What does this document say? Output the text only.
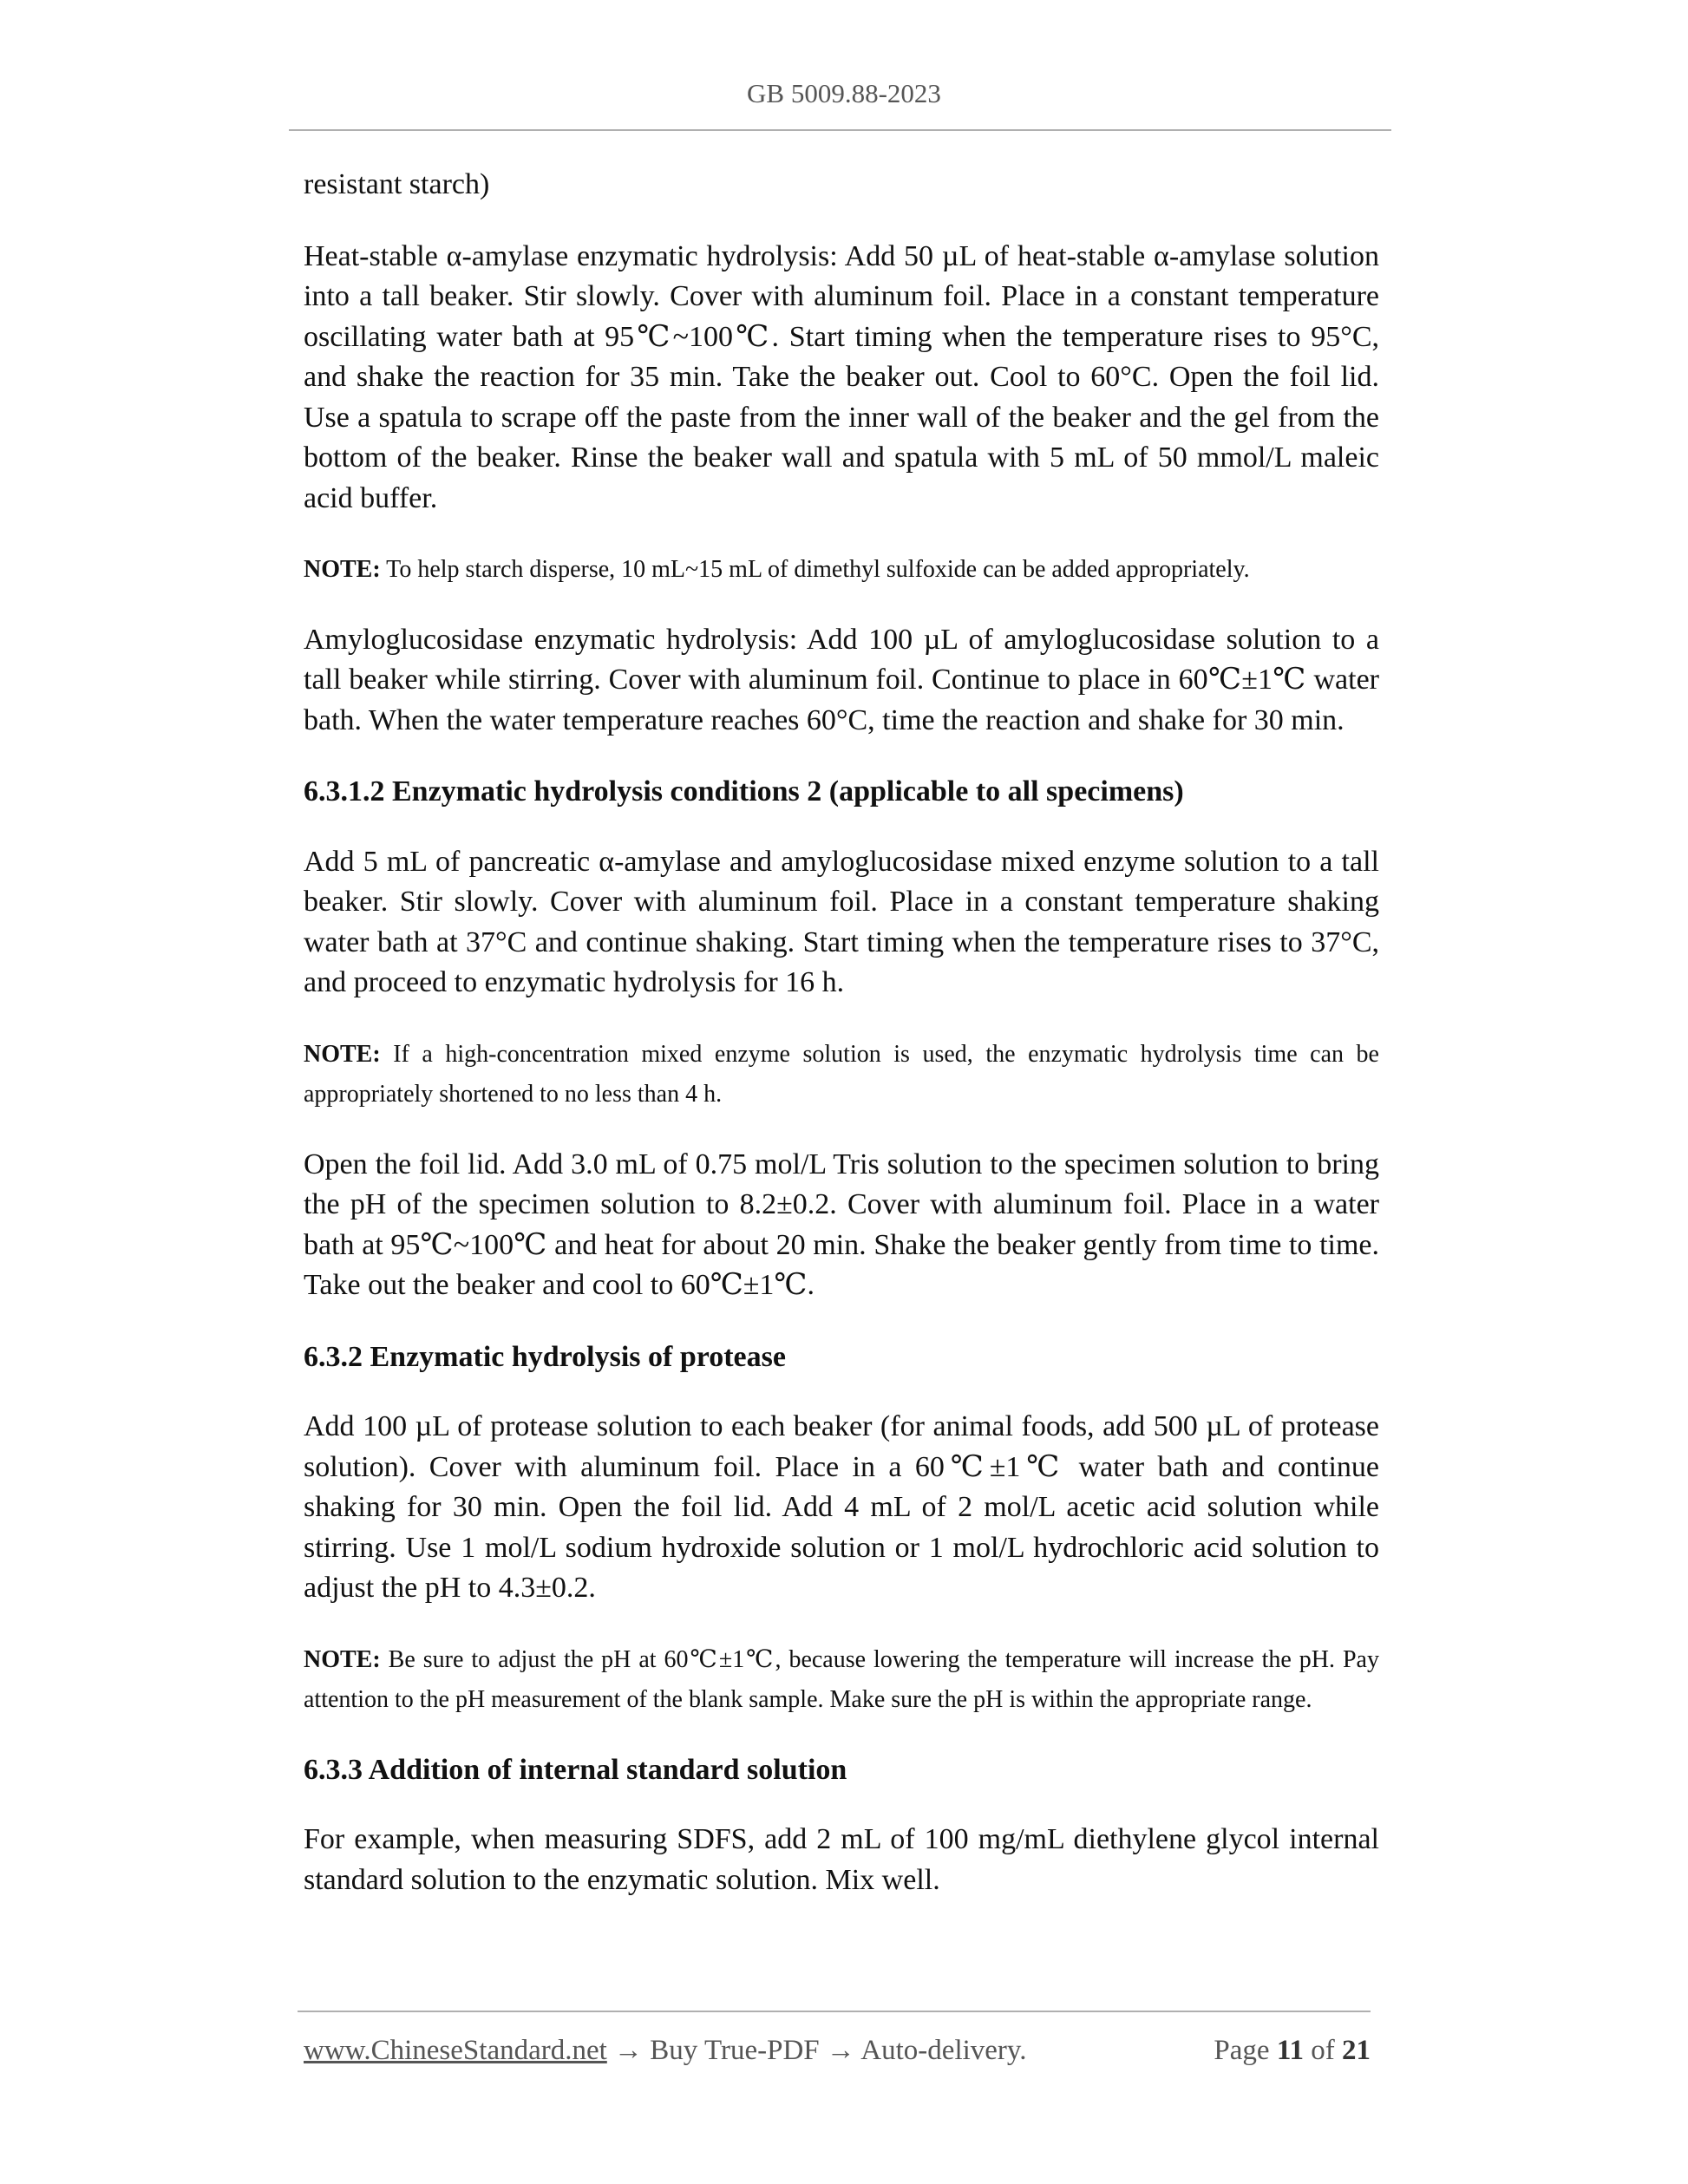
GB 5009.88-2023

resistant starch)

Heat-stable α-amylase enzymatic hydrolysis: Add 50 µL of heat-stable α-amylase solution into a tall beaker. Stir slowly. Cover with aluminum foil. Place in a constant temperature oscillating water bath at 95℃~100℃. Start timing when the temperature rises to 95°C, and shake the reaction for 35 min. Take the beaker out. Cool to 60°C. Open the foil lid. Use a spatula to scrape off the paste from the inner wall of the beaker and the gel from the bottom of the beaker. Rinse the beaker wall and spatula with 5 mL of 50 mmol/L maleic acid buffer.

NOTE: To help starch disperse, 10 mL~15 mL of dimethyl sulfoxide can be added appropriately.

Amyloglucosidase enzymatic hydrolysis: Add 100 µL of amyloglucosidase solution to a tall beaker while stirring. Cover with aluminum foil. Continue to place in 60℃±1℃ water bath. When the water temperature reaches 60°C, time the reaction and shake for 30 min.

6.3.1.2 Enzymatic hydrolysis conditions 2 (applicable to all specimens)

Add 5 mL of pancreatic α-amylase and amyloglucosidase mixed enzyme solution to a tall beaker. Stir slowly. Cover with aluminum foil. Place in a constant temperature shaking water bath at 37°C and continue shaking. Start timing when the temperature rises to 37°C, and proceed to enzymatic hydrolysis for 16 h.

NOTE: If a high-concentration mixed enzyme solution is used, the enzymatic hydrolysis time can be appropriately shortened to no less than 4 h.

Open the foil lid. Add 3.0 mL of 0.75 mol/L Tris solution to the specimen solution to bring the pH of the specimen solution to 8.2±0.2. Cover with aluminum foil. Place in a water bath at 95℃~100℃ and heat for about 20 min. Shake the beaker gently from time to time. Take out the beaker and cool to 60℃±1℃.

6.3.2 Enzymatic hydrolysis of protease

Add 100 µL of protease solution to each beaker (for animal foods, add 500 µL of protease solution). Cover with aluminum foil. Place in a 60℃±1℃ water bath and continue shaking for 30 min. Open the foil lid. Add 4 mL of 2 mol/L acetic acid solution while stirring. Use 1 mol/L sodium hydroxide solution or 1 mol/L hydrochloric acid solution to adjust the pH to 4.3±0.2.

NOTE: Be sure to adjust the pH at 60℃±1℃, because lowering the temperature will increase the pH. Pay attention to the pH measurement of the blank sample. Make sure the pH is within the appropriate range.

6.3.3 Addition of internal standard solution

For example, when measuring SDFS, add 2 mL of 100 mg/mL diethylene glycol internal standard solution to the enzymatic solution. Mix well.

www.ChineseStandard.net → Buy True-PDF → Auto-delivery.	Page 11 of 21
